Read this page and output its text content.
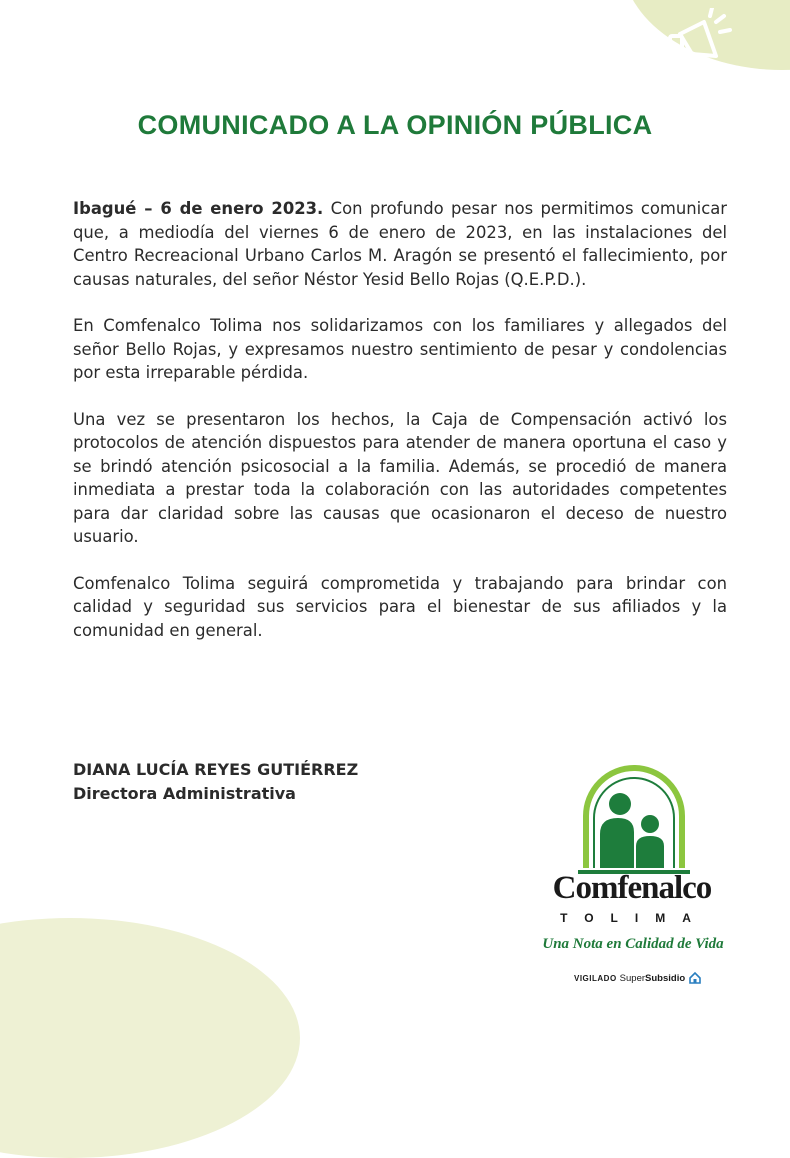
COMUNICADO A LA OPINIÓN PÚBLICA

Ibagué – 6 de enero 2023. Con profundo pesar nos permitimos comunicar que, a mediodía del viernes 6 de enero de 2023, en las instalaciones del Centro Recreacional Urbano Carlos M. Aragón se presentó el fallecimiento, por causas naturales, del señor Néstor Yesid Bello Rojas (Q.E.P.D.).

En Comfenalco Tolima nos solidarizamos con los familiares y allegados del señor Bello Rojas, y expresamos nuestro sentimiento de pesar y condolencias por esta irreparable pérdida.

Una vez se presentaron los hechos, la Caja de Compensación activó los protocolos de atención dispuestos para atender de manera oportuna el caso y se brindó atención psicosocial a la familia. Además, se procedió de manera inmediata a prestar toda la colaboración con las autoridades competentes para dar claridad sobre las causas que ocasionaron el deceso de nuestro usuario.

Comfenalco Tolima seguirá comprometida y trabajando para brindar con calidad y seguridad sus servicios para el bienestar de sus afiliados y la comunidad en general.

DIANA LUCÍA REYES GUTIÉRREZ
Directora Administrativa
Comfenalco
TOLIMA
Una Nota en Calidad de Vida
VIGILADO SuperSubsidio
